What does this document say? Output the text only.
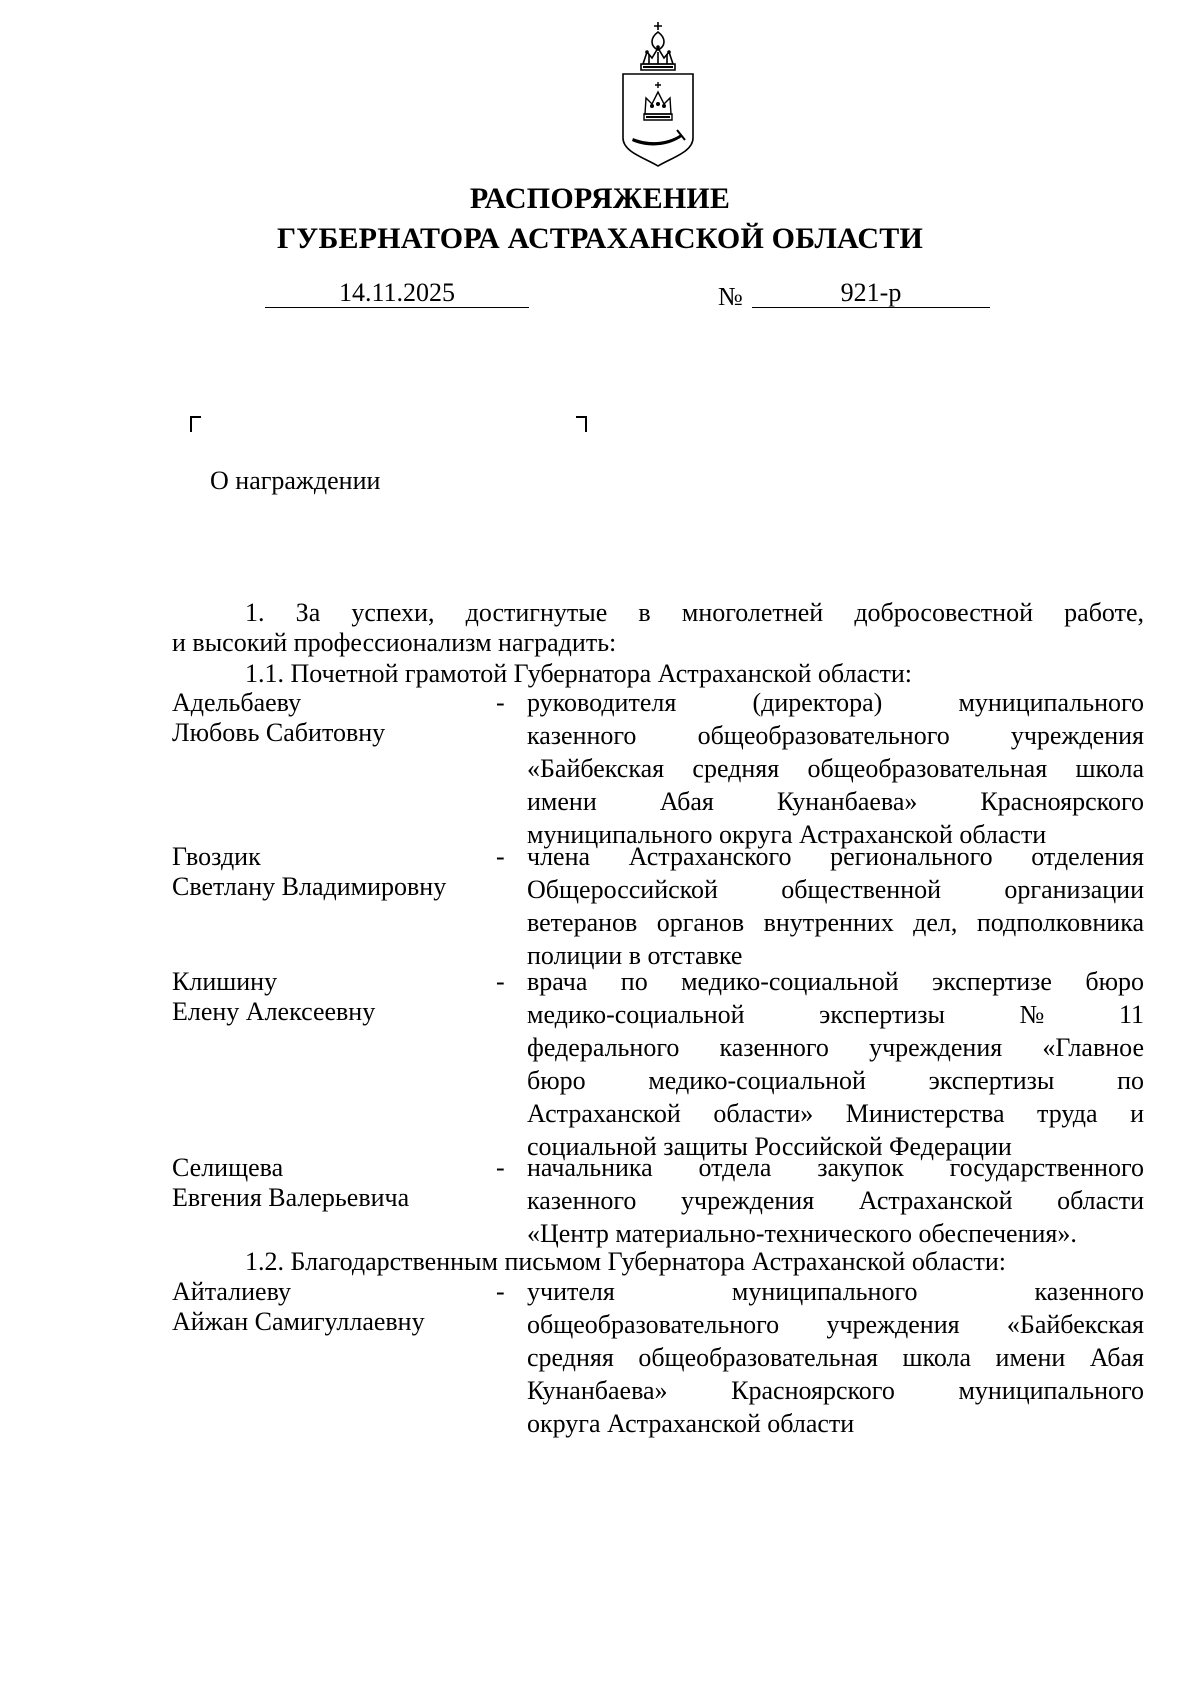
РАСПОРЯЖЕНИЕ
ГУБЕРНАТОРА АСТРАХАНСКОЙ ОБЛАСТИ
14.11.2025	№	921-р
О награждении
1. За успехи, достигнутые в многолетней добросовестной работе,
и высокий профессионализм наградить:
1.1. Почетной грамотой Губернатора Астраханской области:
Адельбаеву
Любовь Сабитовну
- руководителя (директора) муниципального
казенного общеобразовательного учреждения
«Байбекская средняя общеобразовательная школа
имени Абая Кунанбаева» Красноярского
муниципального округа Астраханской области
Гвоздик
Светлану Владимировну
- члена Астраханского регионального отделения
Общероссийской общественной организации
ветеранов органов внутренних дел, подполковника
полиции в отставке
Клишину
Елену Алексеевну
- врача по медико-социальной экспертизе бюро
медико-социальной экспертизы № 11
федерального казенного учреждения «Главное
бюро медико-социальной экспертизы по
Астраханской области» Министерства труда и
социальной защиты Российской Федерации
Селищева
Евгения Валерьевича
- начальника отдела закупок государственного
казенного учреждения Астраханской области
«Центр материально-технического обеспечения».
1.2. Благодарственным письмом Губернатора Астраханской области:
Айталиеву
Айжан Самигуллаевну
- учителя муниципального казенного
общеобразовательного учреждения «Байбекская
средняя общеобразовательная школа имени Абая
Кунанбаева» Красноярского муниципального
округа Астраханской области
